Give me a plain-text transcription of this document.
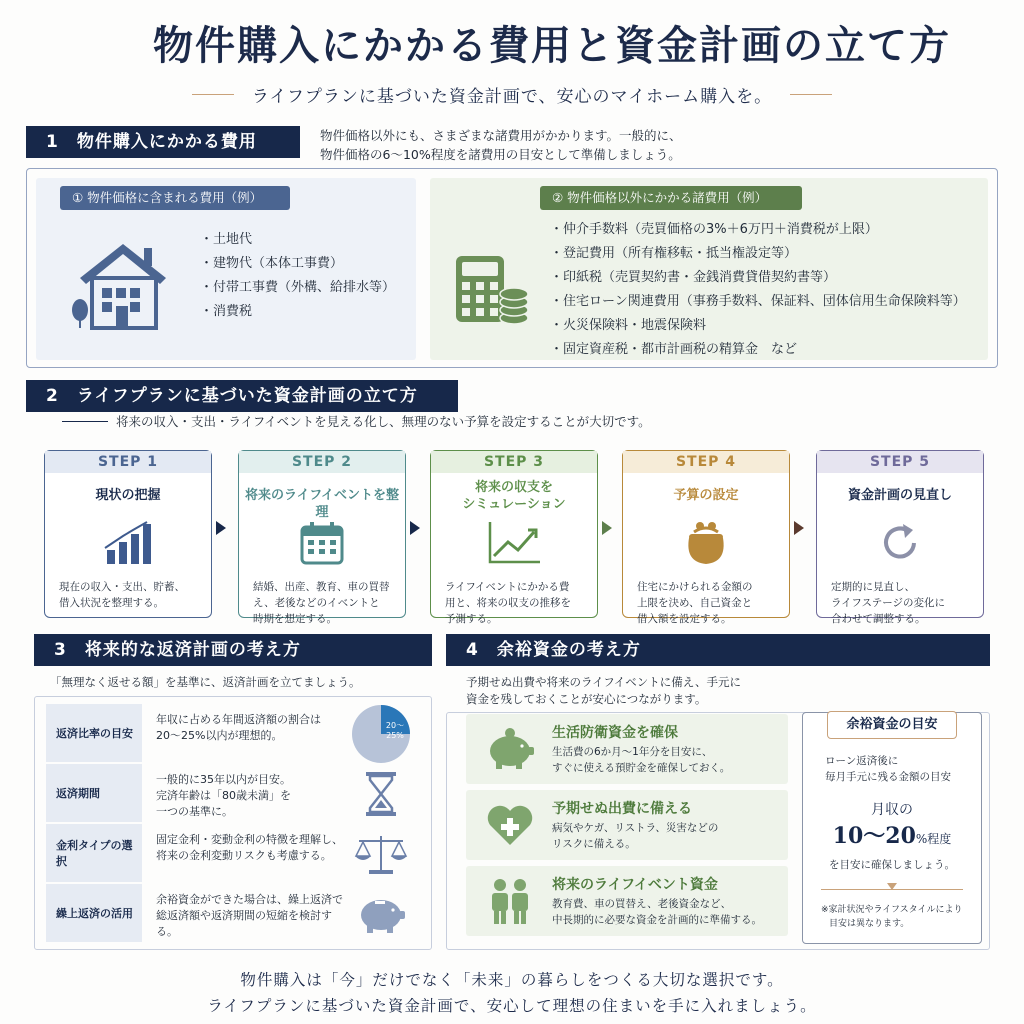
物件購入にかかる費用と資金計画の立て方
ライフプランに基づいた資金計画で、安心のマイホーム購入を。
1　物件購入にかかる費用	物件価格以外にも、さまざまな諸費用がかかります。一般的に、
物件価格の6〜10%程度を諸費用の目安として準備しましょう。
① 物件価格に含まれる費用（例）	② 物件価格以外にかかる諸費用（例）
・土地代
・建物代（本体工事費）
・付帯工事費（外構、給排水等）
・消費税
・仲介手数料（売買価格の3%＋6万円＋消費税が上限）
・登記費用（所有権移転・抵当権設定等）
・印紙税（売買契約書・金銭消費貸借契約書等）
・住宅ローン関連費用（事務手数料、保証料、団体信用生命保険料等）
・火災保険料・地震保険料
・固定資産税・都市計画税の精算金　など
2　ライフプランに基づいた資金計画の立て方
将来の収入・支出・ライフイベントを見える化し、無理のない予算を設定することが大切です。
STEP 1
現状の把握
現在の収入・支出、貯蓄、
借入状況を整理する。
STEP 2
将来のライフイベントを整理
結婚、出産、教育、車の買替
え、老後などのイベントと
時期を想定する。
STEP 3
将来の収支を
シミュレーション
ライフイベントにかかる費
用と、将来の収支の推移を
予測する。
STEP 4
予算の設定
住宅にかけられる金額の
上限を決め、自己資金と
借入額を設定する。
STEP 5
資金計画の見直し
定期的に見直し、
ライフステージの変化に
合わせて調整する。
3　将来的な返済計画の考え方
「無理なく返せる額」を基準に、返済計画を立てましょう。
返済比率の目安
年収に占める年間返済額の割合は
20〜25%以内が理想的。
20〜
25%
返済期間
一般的に35年以内が目安。
完済年齢は「80歳未満」を
一つの基準に。
金利タイプの選択
固定金利・変動金利の特徴を理解し、
将来の金利変動リスクも考慮する。
繰上返済の活用
余裕資金ができた場合は、繰上返済で
総返済額や返済期間の短縮を検討する。
4　余裕資金の考え方
予期せぬ出費や将来のライフイベントに備え、手元に
資金を残しておくことが安心につながります。
生活防衛資金を確保
生活費の6か月〜1年分を目安に、
すぐに使える預貯金を確保しておく。
予期せぬ出費に備える
病気やケガ、リストラ、災害などの
リスクに備える。
将来のライフイベント資金
教育費、車の買替え、老後資金など、
中長期的に必要な資金を計画的に準備する。
余裕資金の目安
ローン返済後に
毎月手元に残る金額の目安
月収の
10〜20%程度
を目安に確保しましょう。
※家計状況やライフスタイルにより
目安は異なります。
物件購入は「今」だけでなく「未来」の暮らしをつくる大切な選択です。
ライフプランに基づいた資金計画で、安心して理想の住まいを手に入れましょう。
